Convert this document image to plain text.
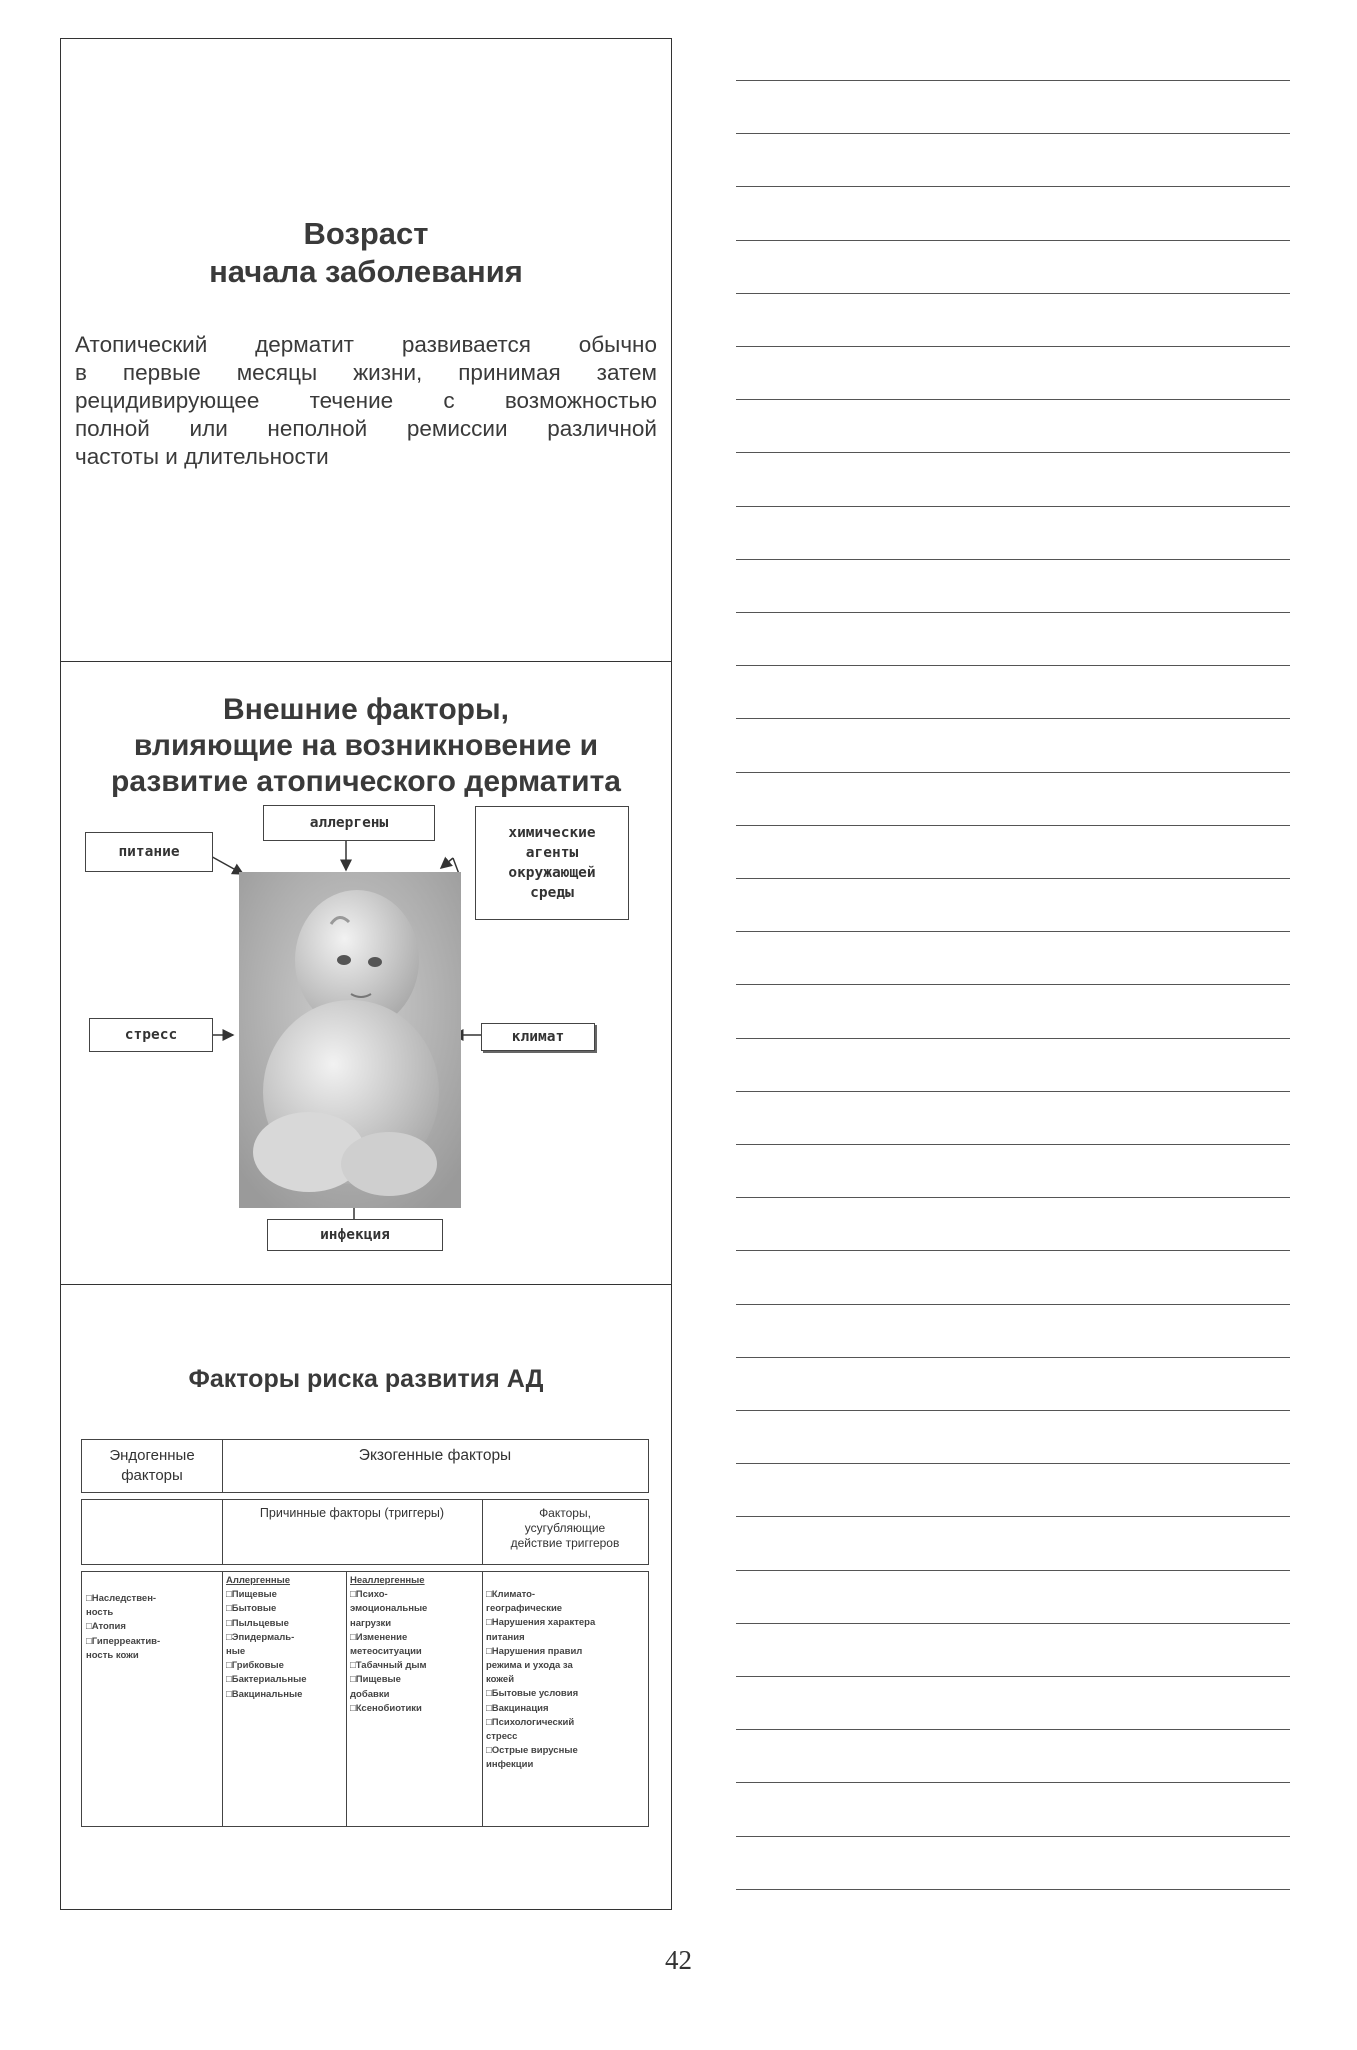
Возраст
начала заболевания
Атопический дерматит развивается обычно
в первые месяцы жизни, принимая затем
рецидивирующее течение с возможностью
полной или неполной ремиссии различной
частоты и длительности
Внешние факторы,
влияющие на возникновение и
развитие атопического дерматита
питание
аллергены
химические
агенты
окружающей
среды
стресс	климат
инфекция
Факторы риска развития АД
Эндогенные
факторы
Экзогенные факторы
Причинные факторы (триггеры)	Факторы,
усугубляющие
действие триггеров
□Наследствен-
ность
□Атопия
□Гиперреактив-
ность кожи
Аллергенные
□Пищевые
□Бытовые
□Пыльцевые
□Эпидермаль-
ные
□Грибковые
□Бактериальные
□Вакцинальные
Неаллергенные
□Психо-
эмоциональные
нагрузки
□Изменение
метеоситуации
□Табачный дым
□Пищевые
добавки
□Ксенобиотики
□Климато-
географические
□Нарушения характера
питания
□Нарушения правил
режима и ухода за
кожей
□Бытовые условия
□Вакцинация
□Психологический
стресс
□Острые вирусные
инфекции
42
